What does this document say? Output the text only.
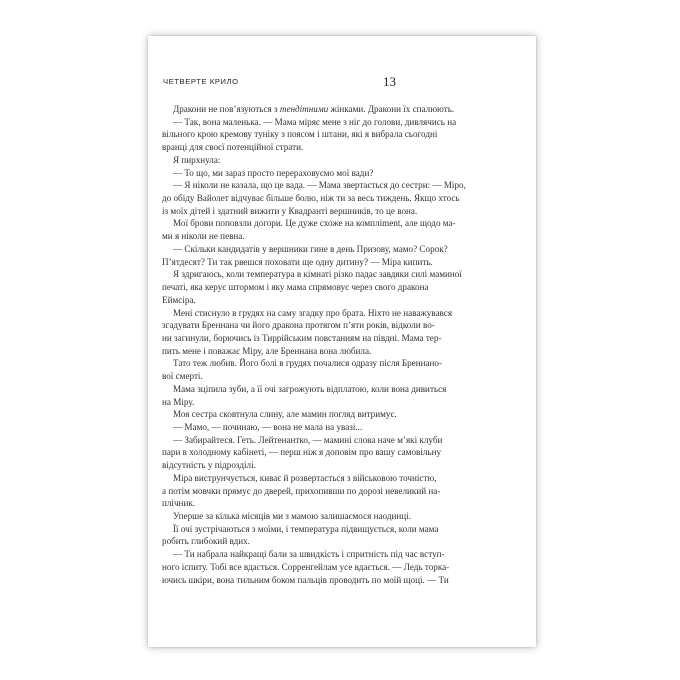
ЧЕТВЕРТЕ КРИЛО	13
Дракони не пов’язуються з тендітними жінками. Дракони їх спалюють.
— Так, вона маленька. — Мама міряє мене з ніг до голови, дивлячись на
вільного крою кремову туніку з поясом і штани, які я вибрала сьогодні
вранці для своєї потенційної страти.
Я пирхнула:
— То що, ми зараз просто перераховуємо мої вади?
— Я ніколи не казала, що це вада. — Мама звертається до сестри: — Міро,
до обіду Вайолет відчуває більше болю, ніж ти за весь тиждень. Якщо хтось
із моїх дітей і здатний вижити у Квадранті вершників, то це вона.
Мої брови поповзли догори. Це дуже схоже на компліment, але щодо ма-
ми я ніколи не певна.
— Скільки кандидатів у вершники гине в день Призову, мамо? Сорок?
П’ятдесят? Ти так рвешся поховати ще одну дитину? — Міра кипить.
Я здригаюсь, коли температура в кімнаті різко падає завдяки силі маминої
печаті, яка керує штормом і яку мама спрямовує через свого дракона
Еймсіра.
Мені стиснуло в грудях на саму згадку про брата. Ніхто не наважувався
згадувати Бреннана чи його дракона протягом п’яти років, відколи во-
ни загинули, борючись із Тиррійським повстанням на півдні. Мама тер-
пить мене і поважає Міру, але Бреннана вона любила.
Тато теж любив. Його болі в грудях почалися одразу після Бреннано-
вої смерті.
Мама зціпила зуби, а її очі загрожують відплатою, коли вона дивиться
на Міру.
Моя сестра сковтнула слину, але мамин погляд витримує.
— Мамо, — починаю, — вона не мала на увазі...
— Забирайтеся. Геть. Лейтенантко, — мамині слова наче м’які клуби
пари в холодному кабінеті, — перш ніж я доповім про вашу самовільну
відсутність у підрозділі.
Міра виструнчується, киває й розвертається з військовою точністю,
а потім мовчки прямує до дверей, прихопивши по дорозі невеликий на-
плічник.
Уперше за кілька місяців ми з мамою залишаємося наодинці.
Її очі зустрічаються з моїми, і температура підвищується, коли мама
робить глибокий вдих.
— Ти набрала найкращі бали за швидкість і спритність під час вступ-
ного іспиту. Тобі все вдасться. Сорренгейлам усе вдається. — Ледь торка-
ючись шкіри, вона тильним боком пальців проводить по моїй щоці. — Ти
